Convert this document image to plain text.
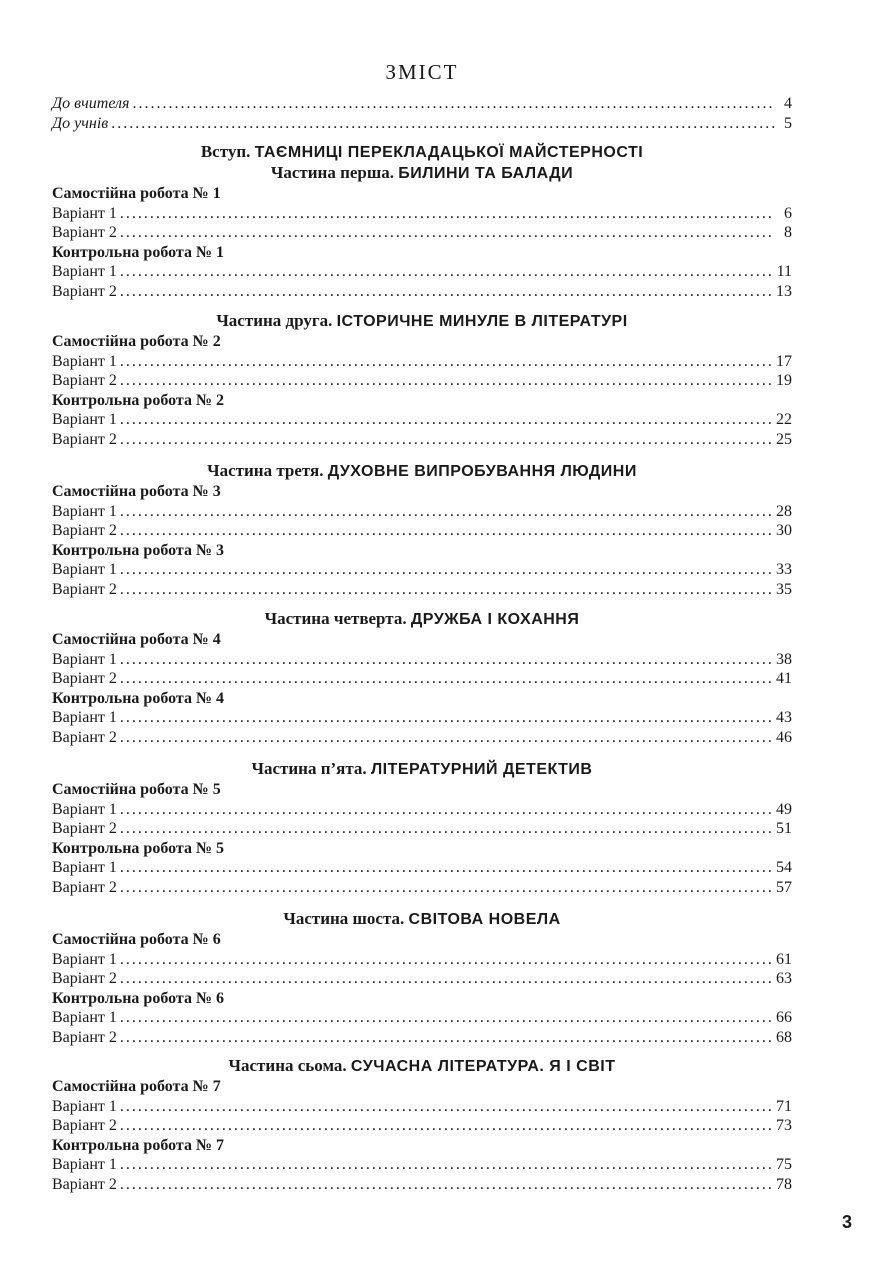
ЗМІСТ
До вчителя .....	4
До учнів .....	5
Вступ. ТАЄМНИЦІ ПЕРЕКЛАДАЦЬКОЇ МАЙСТЕРНОСТІ
Частина перша. БИЛИНИ ТА БАЛАДИ
Самостійна робота № 1
Варіант 1 .....	6
Варіант 2 .....	8
Контрольна робота № 1
Варіант 1 .....	11
Варіант 2 .....	13
Частина друга. ІСТОРИЧНЕ МИНУЛЕ В ЛІТЕРАТУРІ
Самостійна робота № 2
Варіант 1 .....	17
Варіант 2 .....	19
Контрольна робота № 2
Варіант 1 .....	22
Варіант 2 .....	25
Частина третя. ДУХОВНЕ ВИПРОБУВАННЯ ЛЮДИНИ
Самостійна робота № 3
Варіант 1 .....	28
Варіант 2 .....	30
Контрольна робота № 3
Варіант 1 .....	33
Варіант 2 .....	35
Частина четверта. ДРУЖБА І КОХАННЯ
Самостійна робота № 4
Варіант 1 .....	38
Варіант 2 .....	41
Контрольна робота № 4
Варіант 1 .....	43
Варіант 2 .....	46
Частина п’ята. ЛІТЕРАТУРНИЙ ДЕТЕКТИВ
Самостійна робота № 5
Варіант 1 .....	49
Варіант 2 .....	51
Контрольна робота № 5
Варіант 1 .....	54
Варіант 2 .....	57
Частина шоста. СВІТОВА НОВЕЛА
Самостійна робота № 6
Варіант 1 .....	61
Варіант 2 .....	63
Контрольна робота № 6
Варіант 1 .....	66
Варіант 2 .....	68
Частина сьома. СУЧАСНА ЛІТЕРАТУРА. Я І СВІТ
Самостійна робота № 7
Варіант 1 .....	71
Варіант 2 .....	73
Контрольна робота № 7
Варіант 1 .....	75
Варіант 2 .....	78
3
